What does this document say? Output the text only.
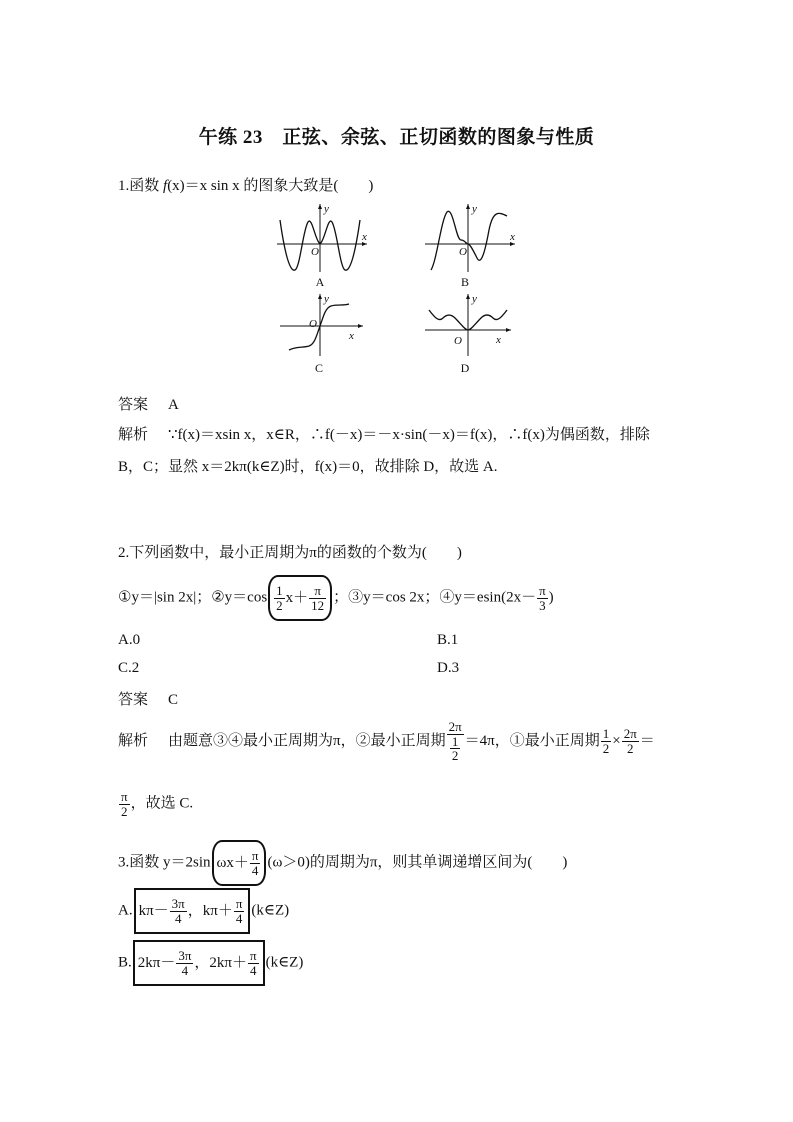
午练 23　正弦、余弦、正切函数的图象与性质
1.函数 f(x)＝x sin x 的图象大致是(　　)
O
x
y
A
O
x
y
B
O
x
y
C
O	x
y
D
答案 A
解析 ∵f(x)＝xsin x，x∈R，∴f(－x)＝－x·sin(－x)＝f(x)，∴f(x)为偶函数，排除
B，C；显然 x＝2kπ(k∈Z)时，f(x)＝0，故排除 D，故选 A.
2.下列函数中，最小正周期为π的函数的个数为(　　)
①y＝|sin 2x|；②y＝cos $\frac{1}{2} x+ \frac{\pi}{12}$ ；③y＝cos 2x；④y＝esin(2x－ $\frac{\pi}{3}$ )
A.0	B.1
C.2	D.3
答案 C
解析 由题意③④最小正周期为π，②最小正周期 $\frac{2\pi}{\frac{1}{2}} =4\pi$，①最小正周期 $\frac{1}{2} \times \frac{2\pi}{2}$ ＝
$\frac{\pi}{2}$ ，故选 C.
3.函数 y＝2sin $\omega x+ \frac{\pi}{4} (\omega>0)$的周期为π，则其单调递增区间为(　　)
A. $k\pi- \frac{3\pi}{4}$ ，$k\pi+ \frac{\pi}{4}$ (k∈Z)
B. $2k\pi- \frac{3\pi}{4}$ ，$2k\pi+ \frac{\pi}{4}$ (k∈Z)
